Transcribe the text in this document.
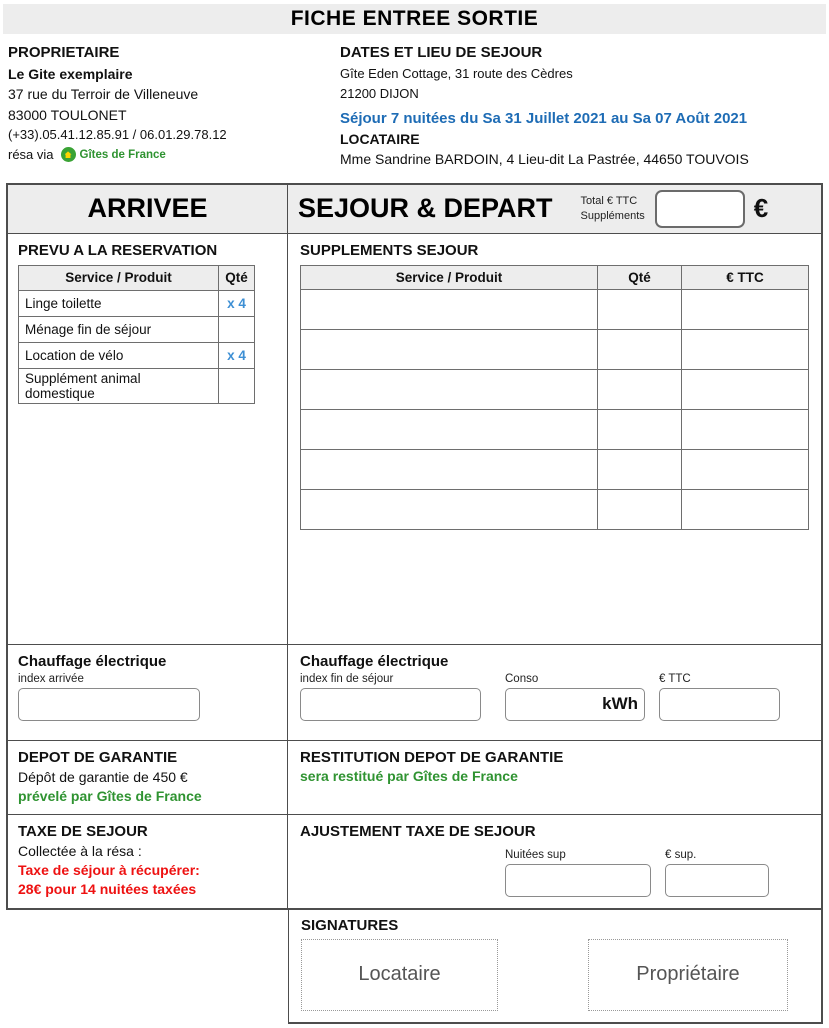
FICHE ENTREE SORTIE
PROPRIETAIRE
Le Gite exemplaire
37 rue du Terroir de Villeneuve
83000 TOULONET
(+33).05.41.12.85.91 / 06.01.29.78.12
résa via Gîtes de France
DATES ET LIEU DE SEJOUR
Gîte Eden Cottage, 31 route des Cèdres
21200 DIJON
Séjour 7 nuitées du Sa 31 Juillet 2021 au Sa 07 Août 2021
LOCATAIRE
Mme Sandrine BARDOIN, 4 Lieu-dit La Pastrée, 44650 TOUVOIS
ARRIVEE	SEJOUR & DEPART	Total € TTC
Suppléments	€
PREVU A LA RESERVATION
Service / Produit	Qté
Linge toilette	x 4
Ménage fin de séjour	
Location de vélo	x 4
Supplément animal domestique	
SUPPLEMENTS SEJOUR
Service / Produit	Qté	€ TTC

Chauffage électrique
index arrivée
Chauffage électrique
index fin de séjour	Conso
kWh
€ TTC
DEPOT DE GARANTIE
Dépôt de garantie de 450 €
prévelé par Gîtes de France
RESTITUTION DEPOT DE GARANTIE
sera restitué par Gîtes de France
TAXE DE SEJOUR
Collectée à la résa :
Taxe de séjour à récupérer:
28€ pour 14 nuitées taxées
AJUSTEMENT TAXE DE SEJOUR
Nuitées sup	€ sup.
SIGNATURES
Locataire	Propriétaire
